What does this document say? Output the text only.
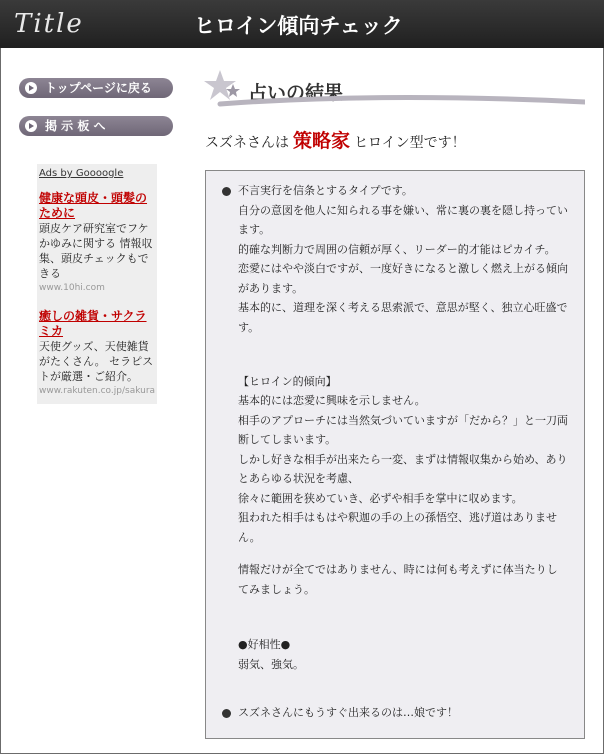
Title	ヒロイン傾向チェック
トップページに戻る
掲 示 板 へ
Ads by Goooogle
健康な頭皮・頭髪のために
頭皮ケア研究室でフケかゆみに関する 情報収集、頭皮チェックもできる
www.10hi.com
癒しの雑貨・サクラミカ
天使グッズ、天使雑貨がたくさん。 セラピストが厳選・ご紹介。
www.rakuten.co.jp/sakura
占いの結果
スズネさんは 策略家 ヒロイン型です！
不言実行を信条とするタイプです。
自分の意図を他人に知られる事を嫌い、常に裏の裏を隠し持っています。
的確な判断力で周囲の信頼が厚く、リーダー的才能はピカイチ。
恋愛にはやや淡白ですが、一度好きになると激しく燃え上がる傾向があります。
基本的に、道理を深く考える思索派で、意思が堅く、独立心旺盛です。
【ヒロイン的傾向】
基本的には恋愛に興味を示しません。
相手のアプローチには当然気づいていますが「だから？」と一刀両断してしまいます。
しかし好きな相手が出来たら一変、まずは情報収集から始め、ありとあらゆる状況を考慮、
徐々に範囲を狭めていき、必ずや相手を掌中に収めます。
狙われた相手はもはや釈迦の手の上の孫悟空、逃げ道はありません。
情報だけが全てではありません、時には何も考えずに体当たりしてみましょう。
●好相性●
弱気、強気。
スズネさんにもうすぐ出来るのは…娘です！
